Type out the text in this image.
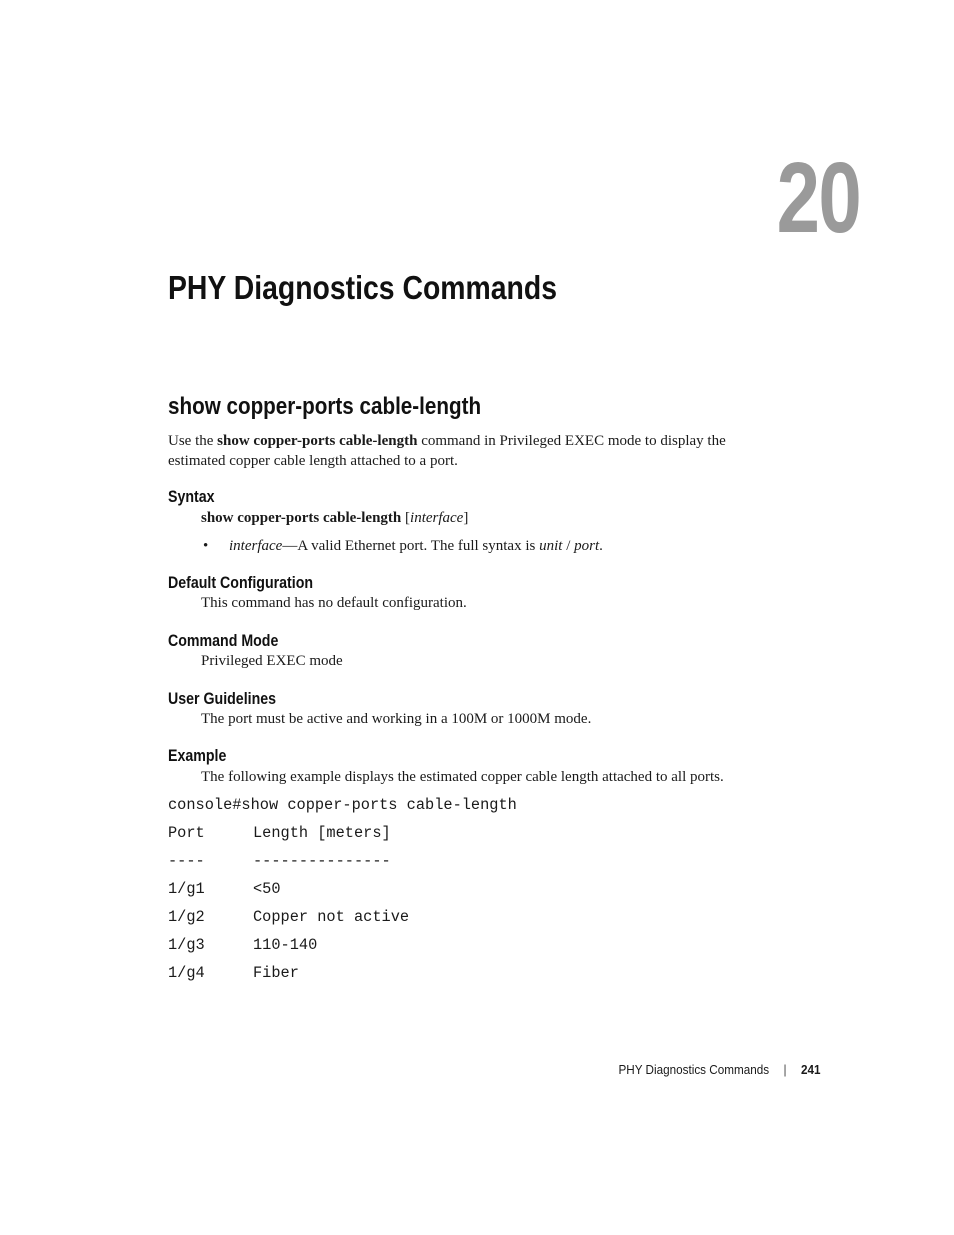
20
PHY Diagnostics Commands
show copper-ports cable-length

Use the show copper-ports cable-length command in Privileged EXEC mode to display the
estimated copper cable length attached to a port.

Syntax

show copper-ports cable-length [interface]

• interface—A valid Ethernet port. The full syntax is unit / port.

Default Configuration

This command has no default configuration.

Command Mode

Privileged EXEC mode

User Guidelines

The port must be active and working in a 100M or 1000M mode.

Example

The following example displays the estimated copper cable length attached to all ports.

console#show copper-ports cable-length
Port	Length [meters]
----	---------------
1/g1	<50
1/g2	Copper not active
1/g3	110-140
1/g4	Fiber
PHY Diagnostics Commands | 241
